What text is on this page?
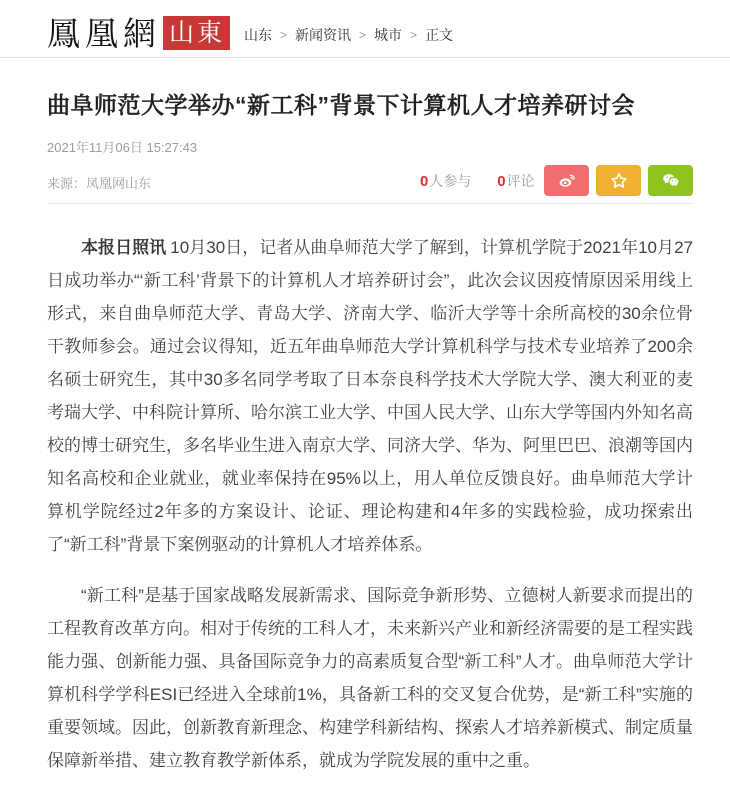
鳳凰網 山東	山东 > 新闻资讯 > 城市 > 正文
曲阜师范大学举办“新工科”背景下计算机人才培养研讨会
2021年11月06日 15:27:43
来源：凤凰网山东	0人参与 0评论

本报日照讯 10月30日，记者从曲阜师范大学了解到，计算机学院于2021年10月27日成功举办“‘新工科’背景下的计算机人才培养研讨会”，此次会议因疫情原因采用线上形式，来自曲阜师范大学、青岛大学、济南大学、临沂大学等十余所高校的30余位骨干教师参会。通过会议得知，近五年曲阜师范大学计算机科学与技术专业培养了200余名硕士研究生，其中30多名同学考取了日本奈良科学技术大学院大学、澳大利亚的麦考瑞大学、中科院计算所、哈尔滨工业大学、中国人民大学、山东大学等国内外知名高校的博士研究生，多名毕业生进入南京大学、同济大学、华为、阿里巴巴、浪潮等国内知名高校和企业就业，就业率保持在95%以上，用人单位反馈良好。曲阜师范大学计算机学院经过2年多的方案设计、论证、理论构建和4年多的实践检验，成功探索出了“新工科”背景下案例驱动的计算机人才培养体系。

“新工科”是基于国家战略发展新需求、国际竞争新形势、立德树人新要求而提出的工程教育改革方向。相对于传统的工科人才，未来新兴产业和新经济需要的是工程实践能力强、创新能力强、具备国际竞争力的高素质复合型“新工科”人才。曲阜师范大学计算机科学学科ESI已经进入全球前1%，具备新工科的交叉复合优势，是“新工科”实施的重要领域。因此，创新教育新理念、构建学科新结构、探索人才培养新模式、制定质量保障新举措、建立教育教学新体系，就成为学院发展的重中之重。
